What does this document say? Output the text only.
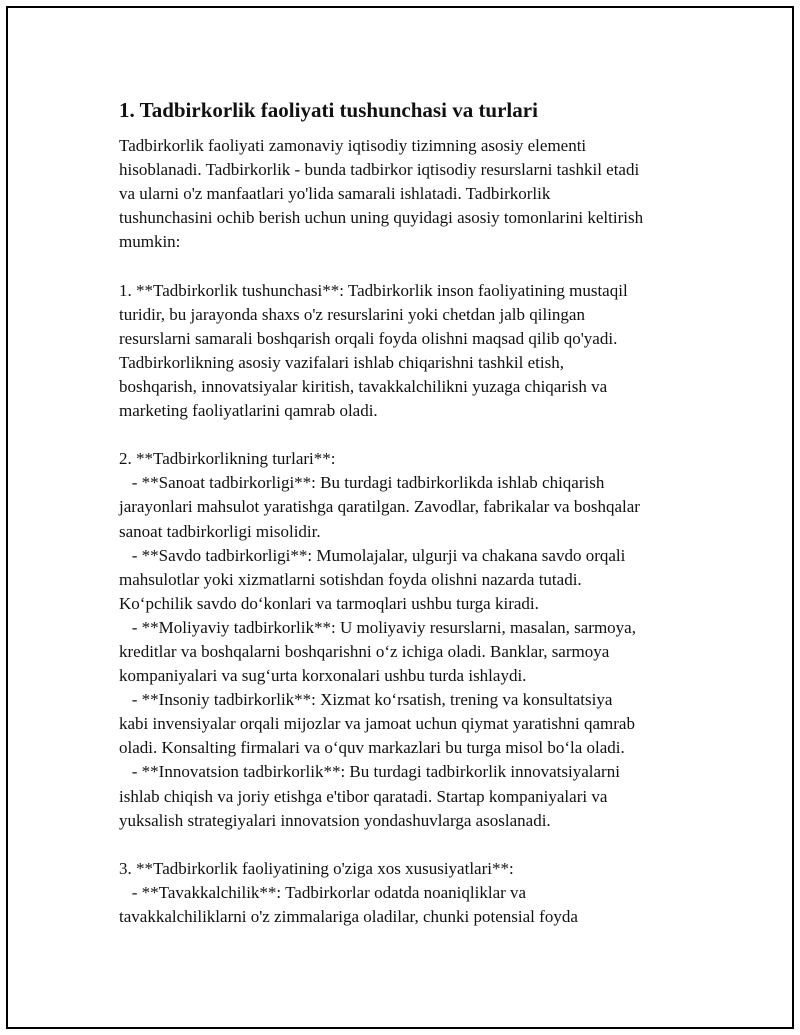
1. Tadbirkorlik faoliyati tushunchasi va turlari
Tadbirkorlik faoliyati zamonaviy iqtisodiy tizimning asosiy elementi
hisoblanadi. Tadbirkorlik - bunda tadbirkor iqtisodiy resurslarni tashkil etadi
va ularni o'z manfaatlari yo'lida samarali ishlatadi. Tadbirkorlik
tushunchasini ochib berish uchun uning quyidagi asosiy tomonlarini keltirish
mumkin:
1. **Tadbirkorlik tushunchasi**: Tadbirkorlik inson faoliyatining mustaqil
turidir, bu jarayonda shaxs o'z resurslarini yoki chetdan jalb qilingan
resurslarni samarali boshqarish orqali foyda olishni maqsad qilib qo'yadi.
Tadbirkorlikning asosiy vazifalari ishlab chiqarishni tashkil etish,
boshqarish, innovatsiyalar kiritish, tavakkalchilikni yuzaga chiqarish va
marketing faoliyatlarini qamrab oladi.
2. **Tadbirkorlikning turlari**:
- **Sanoat tadbirkorligi**: Bu turdagi tadbirkorlikda ishlab chiqarish
jarayonlari mahsulot yaratishga qaratilgan. Zavodlar, fabrikalar va boshqalar
sanoat tadbirkorligi misolidir.
- **Savdo tadbirkorligi**: Mumolajalar, ulgurji va chakana savdo orqali
mahsulotlar yoki xizmatlarni sotishdan foyda olishni nazarda tutadi.
Koʻpchilik savdo doʻkonlari va tarmoqlari ushbu turga kiradi.
- **Moliyaviy tadbirkorlik**: U moliyaviy resurslarni, masalan, sarmoya,
kreditlar va boshqalarni boshqarishni oʻz ichiga oladi. Banklar, sarmoya
kompaniyalari va sugʻurta korxonalari ushbu turda ishlaydi.
- **Insoniy tadbirkorlik**: Xizmat koʻrsatish, trening va konsultatsiya
kabi invensiyalar orqali mijozlar va jamoat uchun qiymat yaratishni qamrab
oladi. Konsalting firmalari va oʻquv markazlari bu turga misol boʻla oladi.
- **Innovatsion tadbirkorlik**: Bu turdagi tadbirkorlik innovatsiyalarni
ishlab chiqish va joriy etishga e'tibor qaratadi. Startap kompaniyalari va
yuksalish strategiyalari innovatsion yondashuvlarga asoslanadi.
3. **Tadbirkorlik faoliyatining o'ziga xos xususiyatlari**:
- **Tavakkalchilik**: Tadbirkorlar odatda noaniqliklar va
tavakkalchiliklarni o'z zimmalariga oladilar, chunki potensial foyda
